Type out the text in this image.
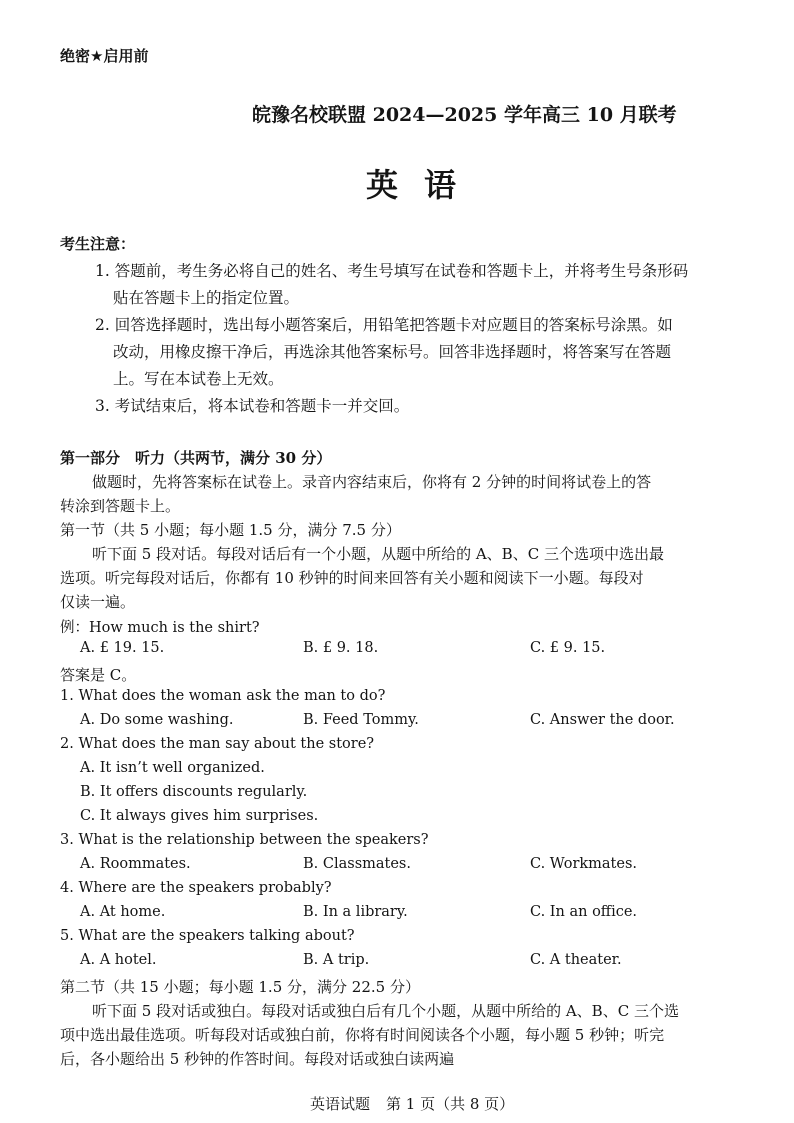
绝密★启用前
皖豫名校联盟 2024—2025 学年高三 10 月联考
英语
考生注意：
1. 答题前，考生务必将自己的姓名、考生号填写在试卷和答题卡上，并将考生号条形码
贴在答题卡上的指定位置。
2. 回答选择题时，选出每小题答案后，用铅笔把答题卡对应题目的答案标号涂黑。如
改动，用橡皮擦干净后，再选涂其他答案标号。回答非选择题时，将答案写在答题
上。写在本试卷上无效。
3. 考试结束后，将本试卷和答题卡一并交回。
第一部分　听力（共两节，满分 30 分）
做题时，先将答案标在试卷上。录音内容结束后，你将有 2 分钟的时间将试卷上的答
转涂到答题卡上。
第一节（共 5 小题；每小题 1.5 分，满分 7.5 分）
听下面 5 段对话。每段对话后有一个小题，从题中所给的 A、B、C 三个选项中选出最
选项。听完每段对话后，你都有 10 秒钟的时间来回答有关小题和阅读下一小题。每段对
仅读一遍。
例：How much is the shirt?
A. £ 19. 15.	B. £ 9. 18.	C. £ 9. 15.
答案是 C。
1. What does the woman ask the man to do?
A. Do some washing.	B. Feed Tommy.	C. Answer the door.
2. What does the man say about the store?
A. It isn’t well organized.
B. It offers discounts regularly.
C. It always gives him surprises.
3. What is the relationship between the speakers?
A. Roommates.	B. Classmates.	C. Workmates.
4. Where are the speakers probably?
A. At home.	B. In a library.	C. In an office.
5. What are the speakers talking about?
A. A hotel.	B. A trip.	C. A theater.
第二节（共 15 小题；每小题 1.5 分，满分 22.5 分）
听下面 5 段对话或独白。每段对话或独白后有几个小题，从题中所给的 A、B、C 三个选
项中选出最佳选项。听每段对话或独白前，你将有时间阅读各个小题，每小题 5 秒钟；听完
后，各小题给出 5 秒钟的作答时间。每段对话或独白读两遍
英语试题 第 1 页（共 8 页）
